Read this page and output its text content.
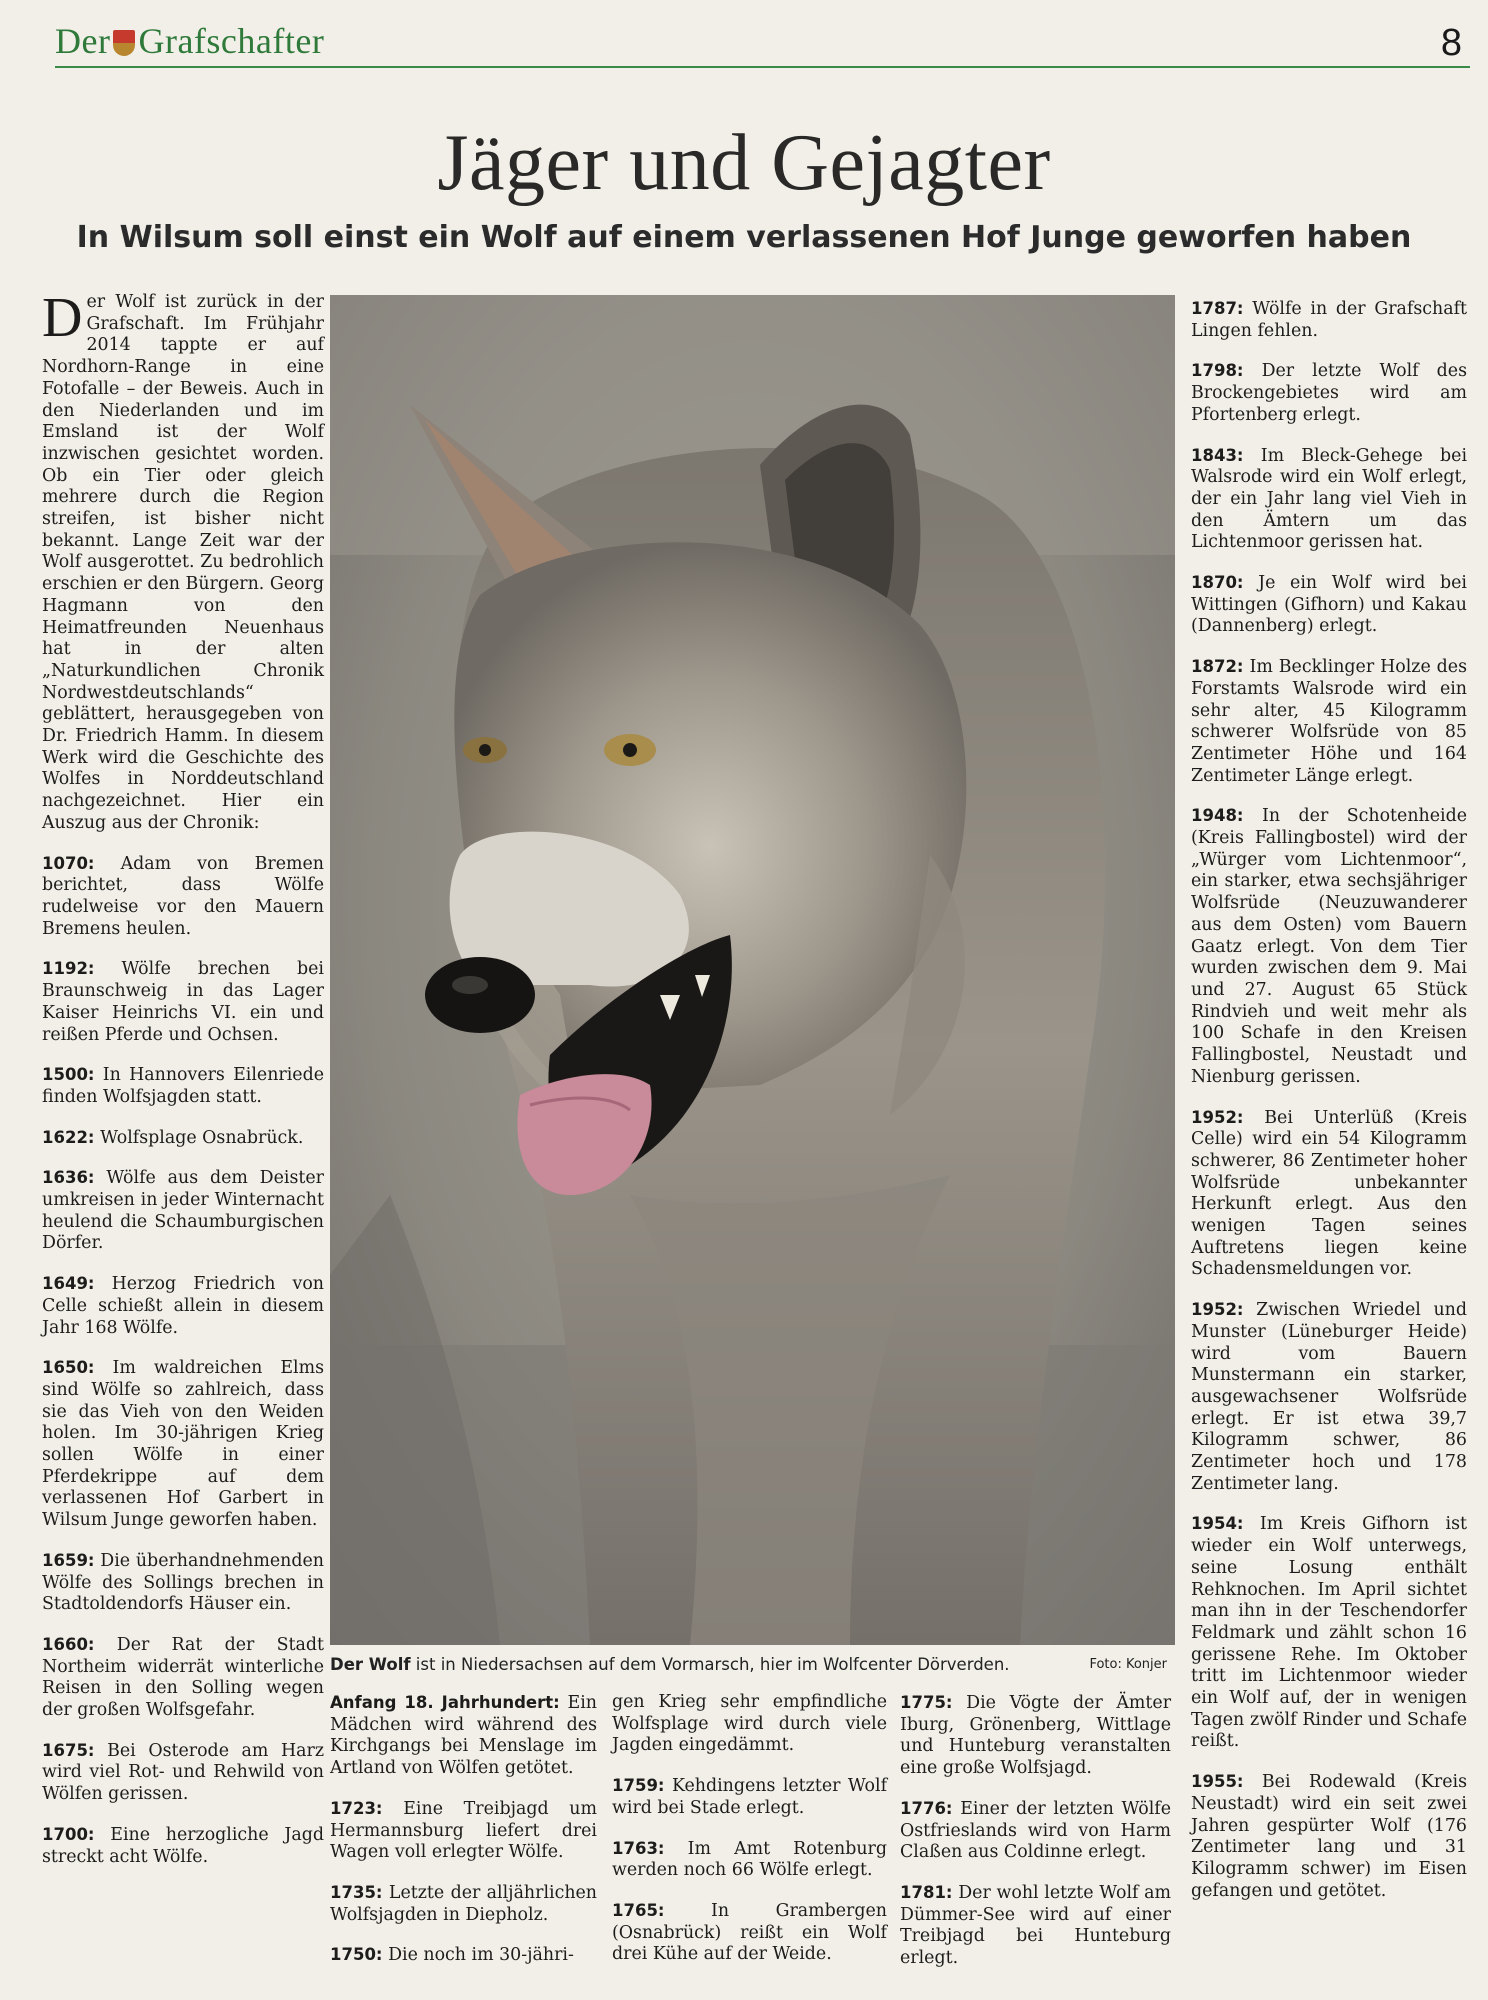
Der Grafschafter	8
Jäger und Gejagter
In Wilsum soll einst ein Wolf auf einem verlassenen Hof Junge geworfen haben

Der Wolf ist zurück in der Grafschaft. Im Frühjahr 2014 tappte er auf Nordhorn-Range in eine Fotofalle – der Beweis. Auch in den Niederlanden und im Emsland ist der Wolf inzwischen gesichtet worden. Ob ein Tier oder gleich mehrere durch die Region streifen, ist bisher nicht bekannt. Lange Zeit war der Wolf ausgerottet. Zu bedrohlich erschien er den Bürgern. Georg Hagmann von den Heimatfreunden Neuenhaus hat in der alten „Naturkundlichen Chronik Nordwestdeutschlands“ geblättert, herausgegeben von Dr. Friedrich Hamm. In diesem Werk wird die Geschichte des Wolfes in Norddeutschland nachgezeichnet. Hier ein Auszug aus der Chronik:

1070: Adam von Bremen berichtet, dass Wölfe rudelweise vor den Mauern Bremens heulen.

1192: Wölfe brechen bei Braunschweig in das Lager Kaiser Heinrichs VI. ein und reißen Pferde und Ochsen.

1500: In Hannovers Eilenriede finden Wolfsjagden statt.

1622: Wolfsplage Osnabrück.

1636: Wölfe aus dem Deister umkreisen in jeder Winternacht heulend die Schaumburgischen Dörfer.

1649: Herzog Friedrich von Celle schießt allein in diesem Jahr 168 Wölfe.

1650: Im waldreichen Elms sind Wölfe so zahlreich, dass sie das Vieh von den Weiden holen. Im 30-jährigen Krieg sollen Wölfe in einer Pferdekrippe auf dem verlassenen Hof Garbert in Wilsum Junge geworfen haben.

1659: Die überhandnehmenden Wölfe des Sollings brechen in Stadtoldendorfs Häuser ein.

1660: Der Rat der Stadt Northeim widerrät winterliche Reisen in den Solling wegen der großen Wolfsgefahr.

1675: Bei Osterode am Harz wird viel Rot- und Rehwild von Wölfen gerissen.

1700: Eine herzogliche Jagd streckt acht Wölfe.

Der Wolf ist in Niedersachsen auf dem Vormarsch, hier im Wolfcenter Dörverden.	Foto: Konjer

Anfang 18. Jahrhundert: Ein Mädchen wird während des Kirchgangs bei Menslage im Artland von Wölfen getötet.

1723: Eine Treibjagd um Hermannsburg liefert drei Wagen voll erlegter Wölfe.

1735: Letzte der alljährlichen Wolfsjagden in Diepholz.

1750: Die noch im 30-jähri-

gen Krieg sehr empfindliche Wolfsplage wird durch viele Jagden eingedämmt.

1759: Kehdingens letzter Wolf wird bei Stade erlegt.

1763: Im Amt Rotenburg werden noch 66 Wölfe erlegt.

1765:	In Grambergen (Osnabrück) reißt ein Wolf drei Kühe auf der Weide.

1775: Die Vögte der Ämter Iburg, Grönenberg, Wittlage und Hunteburg veranstalten eine große Wolfsjagd.

1776: Einer der letzten Wölfe Ostfrieslands wird von Harm Claßen aus Coldinne erlegt.

1781: Der wohl letzte Wolf am Dümmer-See wird auf einer Treibjagd bei Hunteburg erlegt.

1787: Wölfe in der Grafschaft Lingen fehlen.

1798: Der letzte Wolf des Brockengebietes wird am Pfortenberg erlegt.

1843: Im Bleck-Gehege bei Walsrode wird ein Wolf erlegt, der ein Jahr lang viel Vieh in den Ämtern um das Lichtenmoor gerissen hat.

1870: Je ein Wolf wird bei Wittingen (Gifhorn) und Kakau (Dannenberg) erlegt.

1872: Im Becklinger Holze des Forstamts Walsrode wird ein sehr alter, 45 Kilogramm schwerer Wolfsrüde von 85 Zentimeter Höhe und 164 Zentimeter Länge erlegt.

1948: In der Schotenheide (Kreis Fallingbostel) wird der „Würger vom Lichtenmoor“, ein starker, etwa sechsjähriger Wolfsrüde (Neuzuwanderer aus dem Osten) vom Bauern Gaatz erlegt. Von dem Tier wurden zwischen dem 9. Mai und 27. August 65 Stück Rindvieh und weit mehr als 100 Schafe in den Kreisen Fallingbostel, Neustadt und Nienburg gerissen.

1952: Bei Unterlüß (Kreis Celle) wird ein 54 Kilogramm schwerer, 86 Zentimeter hoher Wolfsrüde unbekannter Herkunft erlegt. Aus den wenigen Tagen seines Auftretens liegen keine Schadensmeldungen vor.

1952: Zwischen Wriedel und Munster (Lüneburger Heide) wird vom Bauern Munstermann ein starker, ausgewachsener Wolfsrüde erlegt. Er ist etwa 39,7 Kilogramm schwer, 86 Zentimeter hoch und 178 Zentimeter lang.

1954: Im Kreis Gifhorn ist wieder ein Wolf unterwegs, seine Losung enthält Rehknochen. Im April sichtet man ihn in der Teschendorfer Feldmark und zählt schon 16 gerissene Rehe. Im Oktober tritt im Lichtenmoor wieder ein Wolf auf, der in wenigen Tagen zwölf Rinder und Schafe reißt.

1955: Bei Rodewald (Kreis Neustadt) wird ein seit zwei Jahren gespürter Wolf (176 Zentimeter lang und 31 Kilogramm schwer) im Eisen gefangen und getötet.
